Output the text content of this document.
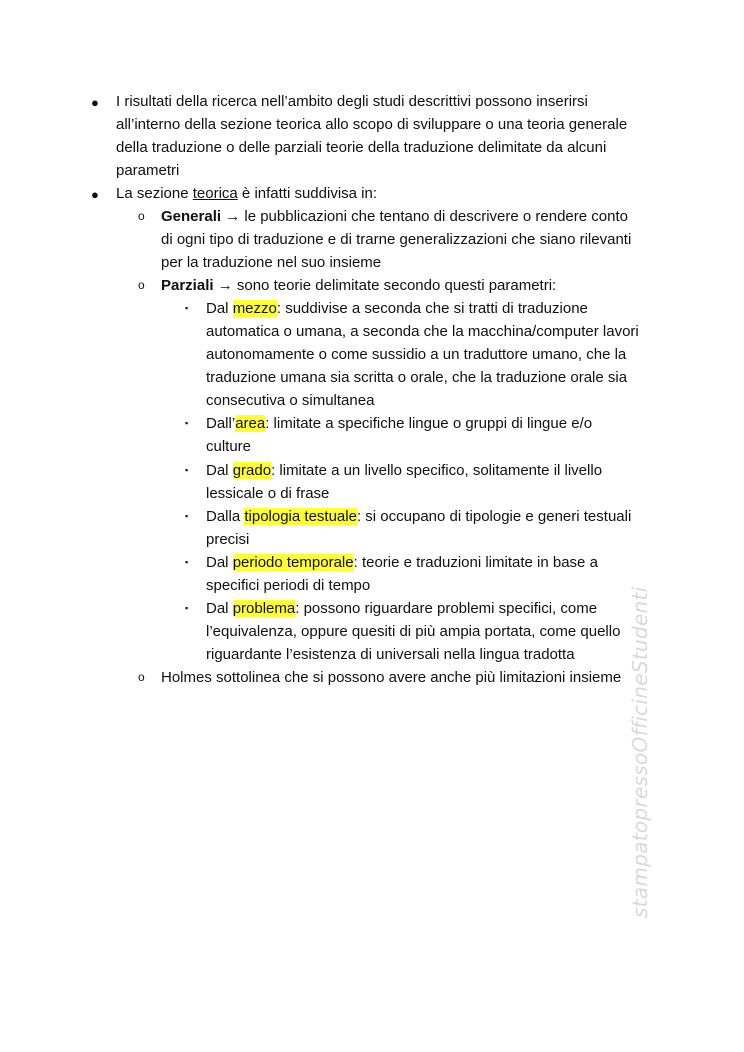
● I risultati della ricerca nell’ambito degli studi descrittivi possono inserirsi
all’interno della sezione teorica allo scopo di sviluppare o una teoria generale
della traduzione o delle parziali teorie della traduzione delimitate da alcuni
parametri
● La sezione teorica è infatti suddivisa in:
o Generali → le pubblicazioni che tentano di descrivere o rendere conto
di ogni tipo di traduzione e di trarne generalizzazioni che siano rilevanti
per la traduzione nel suo insieme
o Parziali → sono teorie delimitate secondo questi parametri:
▪ Dal mezzo: suddivise a seconda che si tratti di traduzione
automatica o umana, a seconda che la macchina/computer lavori
autonomamente o come sussidio a un traduttore umano, che la
traduzione umana sia scritta o orale, che la traduzione orale sia
consecutiva o simultanea
▪ Dall’area: limitate a specifiche lingue o gruppi di lingue e/o
culture
▪ Dal grado: limitate a un livello specifico, solitamente il livello
lessicale o di frase
▪ Dalla tipologia testuale: si occupano di tipologie e generi testuali
precisi
▪ Dal periodo temporale: teorie e traduzioni limitate in base a
specifici periodi di tempo
▪ Dal problema: possono riguardare problemi specifici, come
l’equivalenza, oppure quesiti di più ampia portata, come quello
riguardante l’esistenza di universali nella lingua tradotta
o Holmes sottolinea che si possono avere anche più limitazioni insieme stampatopressoOfficineStudenti
